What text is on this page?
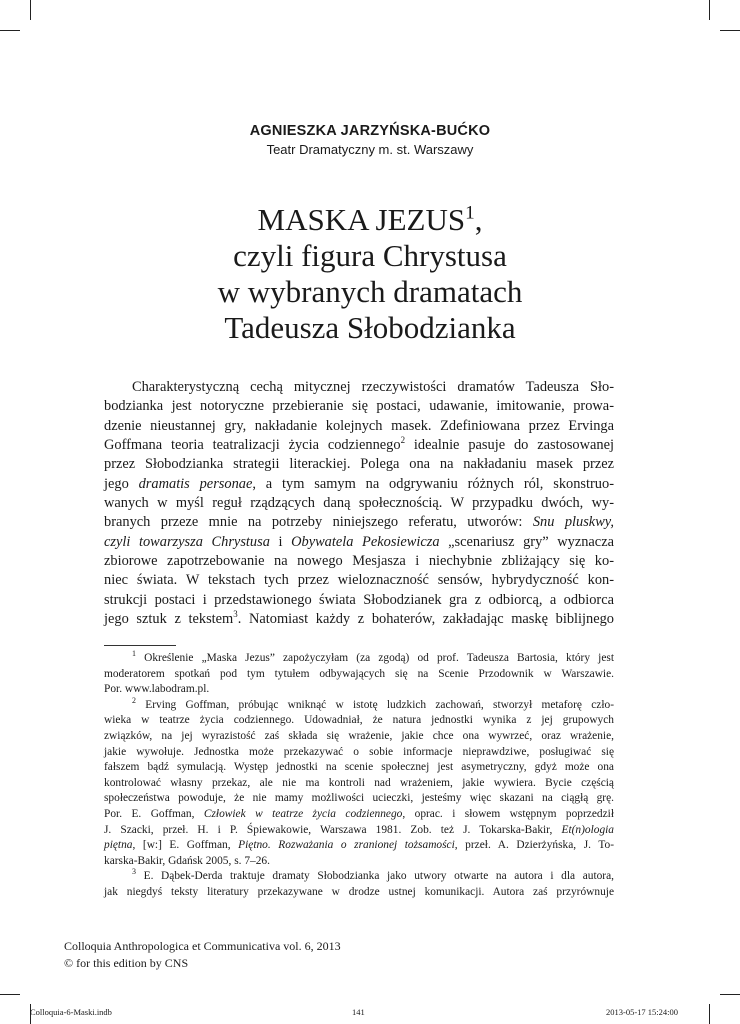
AGNIESZKA JARZYŃSKA-BUĆKO
Teatr Dramatyczny m. st. Warszawy
MASKA JEZUS$^1$,
czyli figura Chrystusa
w wybranych dramatach
Tadeusza Słobodzianka
Charakterystyczną cechą mitycznej rzeczywistości dramatów Tadeusza Sło-
bodzianka jest notoryczne przebieranie się postaci, udawanie, imitowanie, prowa-
dzenie nieustannej gry, nakładanie kolejnych masek. Zdefiniowana przez Ervinga
Goffmana teoria teatralizacji życia codziennego$^2$ idealnie pasuje do zastosowanej
przez Słobodzianka strategii literackiej. Polega ona na nakładaniu masek przez
jego dramatis personae, a tym samym na odgrywaniu różnych ról, skonstruo-
wanych w myśl reguł rządzących daną społecznością. W przypadku dwóch, wy-
branych przeze mnie na potrzeby niniejszego referatu, utworów: Snu pluskwy,
czyli towarzysza Chrystusa i Obywatela Pekosiewicza „scenariusz gry” wyznacza
zbiorowe zapotrzebowanie na nowego Mesjasza i niechybnie zbliżający się ko-
niec świata. W tekstach tych przez wieloznaczność sensów, hybrydyczność kon-
strukcji postaci i przedstawionego świata Słobodzianek gra z odbiorcą, a odbiorca
jego sztuk z tekstem$^3$. Natomiast każdy z bohaterów, zakładając maskę biblijnego
$^1$ Określenie „Maska Jezus” zapożyczyłam (za zgodą) od prof. Tadeusza Bartosia, który jest
moderatorem spotkań pod tym tytułem odbywających się na Scenie Przodownik w Warszawie.
Por. www.labodram.pl.
$^2$ Erving Goffman, próbując wniknąć w istotę ludzkich zachowań, stworzył metaforę czło-
wieka w teatrze życia codziennego. Udowadniał, że natura jednostki wynika z jej grupowych
związków, na jej wyrazistość zaś składa się wrażenie, jakie chce ona wywrzeć, oraz wrażenie,
jakie wywołuje. Jednostka może przekazywać o sobie informacje nieprawdziwe, posługiwać się
fałszem bądź symulacją. Występ jednostki na scenie społecznej jest asymetryczny, gdyż może ona
kontrolować własny przekaz, ale nie ma kontroli nad wrażeniem, jakie wywiera. Bycie częścią
społeczeństwa powoduje, że nie mamy możliwości ucieczki, jesteśmy więc skazani na ciągłą grę.
Por. E. Goffman, Człowiek w teatrze życia codziennego, oprac. i słowem wstępnym poprzedził
J. Szacki, przeł. H. i P. Śpiewakowie, Warszawa 1981. Zob. też J. Tokarska-Bakir, Et(n)ologia
piętna, [w:] E. Goffman, Piętno. Rozważania o zranionej tożsamości, przeł. A. Dzierżyńska, J. To-
karska-Bakir, Gdańsk 2005, s. 7–26.
$^3$ E. Dąbek-Derda traktuje dramaty Słobodzianka jako utwory otwarte na autora i dla autora,
jak niegdyś teksty literatury przekazywane w drodze ustnej komunikacji. Autora zaś przyrównuje
Colloquia Anthropologica et Communicativa vol. 6, 2013
© for this edition by CNS
Colloquia-6-Maski.indb	141	2013-05-17 15:24:00
